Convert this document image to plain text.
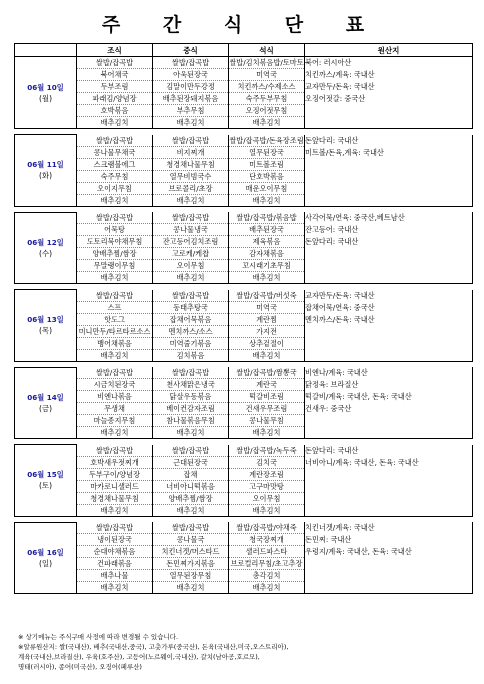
주 간 식 단 표
	조식	중식	석식	원산지
06월 10일
(월)	쌀밥/잡곡밥	쌀밥/잡곡밥	쌀밥/김치볶음밥/토마토	북어: 러시아산
	북어채국	아욱된장국	미역국	치킨까스/계육: 국내산
	두부조림	김말이만두강정	치킨까스/수제소스	교자만두/돈육: 국내산
	파래김/양념장	배추된장돼지볶음	숙주두부무침	오징어젓갈: 중국산
	호박볶음	부추무침	오징어젓무침	
	배추김치	배추김치	배추김치	

06월 11일
(화)	쌀밥/잡곡밥	쌀밥/잡곡밥	쌀밥/잡곡밥/돈육장조림	돈앞다리: 국내산
	콩나물무채국	비지찌개	열무된장국	미트볼/돈육,계육: 국내산
	스크램블에그	청경채나물무침	미트볼조림	
	숙주무침	열무비빔국수	단호박볶음	
	오이지무침	브로콜리/초장	매운오이무침	
	배추김치	배추김치	배추김치	

06월 12일
(수)	쌀밥/잡곡밥	쌀밥/잡곡밥	쌀밥/잡곡밥/볶음밥	사각어묵/연육: 중국산,베트남산
	어묵탕	콩나물냉국	배추된장국	잔고등어: 국내산
	도토리묵야채무침	잔고등어김치조림	제육볶음	돈앞다리: 국내산
	양배추찜/쌈장	고로케/케찹	감자채볶음	
	무말랭이무침	오이무침	꼬시래기초무침	
	배추김치	배추김치	배추김치	

06월 13일
(목)	쌀밥/잡곡밥	쌀밥/잡곡밥	쌀밥/잡곡밥/버섯죽	교자만두/돈육: 국내산
	스프	동태추탕국	미역국	잡채어묵/연육: 중국산
	핫도그	잡채어묵볶음	계란찜	멘치까스/돈육: 국내산
	미니만두/타르타르소스	멘치까스/소스	가지전	
	뱅어채볶음	미역줄기볶음	상추겉절이	
	배추김치	김치볶음	배추김치	

06월 14일
(금)	쌀밥/잡곡밥	쌀밥/잡곡밥	쌀밥/잡곡밥/짬뽕국	비엔나/계육: 국내산
	시금치된장국	천사채맑은냉국	계란국	닭정육: 브라질산
	비엔나볶음	닭살우동볶음	떡갈비조림	떡갈비/계육: 국내산, 돈육: 국내산
	무생채	베이컨감자조림	건새우무조림	건새우: 중국산
	마늘종지무침	참나물볶음무침	콩나물무침	
	배추김치	배추김치	배추김치	

06월 15일
(토)	쌀밥/잡곡밥	쌀밥/잡곡밥	쌀밥/잡곡밥/녹두죽	돈앞다리: 국내산
	호박새우젓찌개	근대된장국	김치국	너비아니/계육: 국내산, 돈육: 국내산
	두부구이/양념장	잡채	계란장조림	
	마카로니샐러드	너비아니떡볶음	고구마맛탕	
	청경채나물무침	양배추찜/쌈장	오이무침	
	배추김치	배추김치	배추김치	

06월 16일
(일)	쌀밥/잡곡밥	쌀밥/잡곡밥	쌀밥/잡곡밥/야채죽	치킨너겟/계육: 국내산
	냉이된장국	콩나물국	청국장찌개	돈민찌: 국내산
	순대야채볶음	치킨너겟/머스타드	샐러드파스타	우렁지/계육: 국내산, 돈육: 국내산
	건파래볶음	돈민찌가지볶음	브로컬리무침/초고추장	
	배추나물	열무된장무침	총각김치	
	배추김치	배추김치	배추김치	
※ 상기메뉴는 주식구매 사정에 따라 변경될 수 있습니다.
※알류원산지: 쌀(국내산), 배추(국내산,중국), 고춧가루(중국산), 돈육(국내산,미국,오스트리아),
계육(국내산,브라질산), 우육(호주산), 고등어(노르웨이,국내산), 갈치(남아공,호르모),
명태(러시아), 종어(미국산), 오징어(페루산)
